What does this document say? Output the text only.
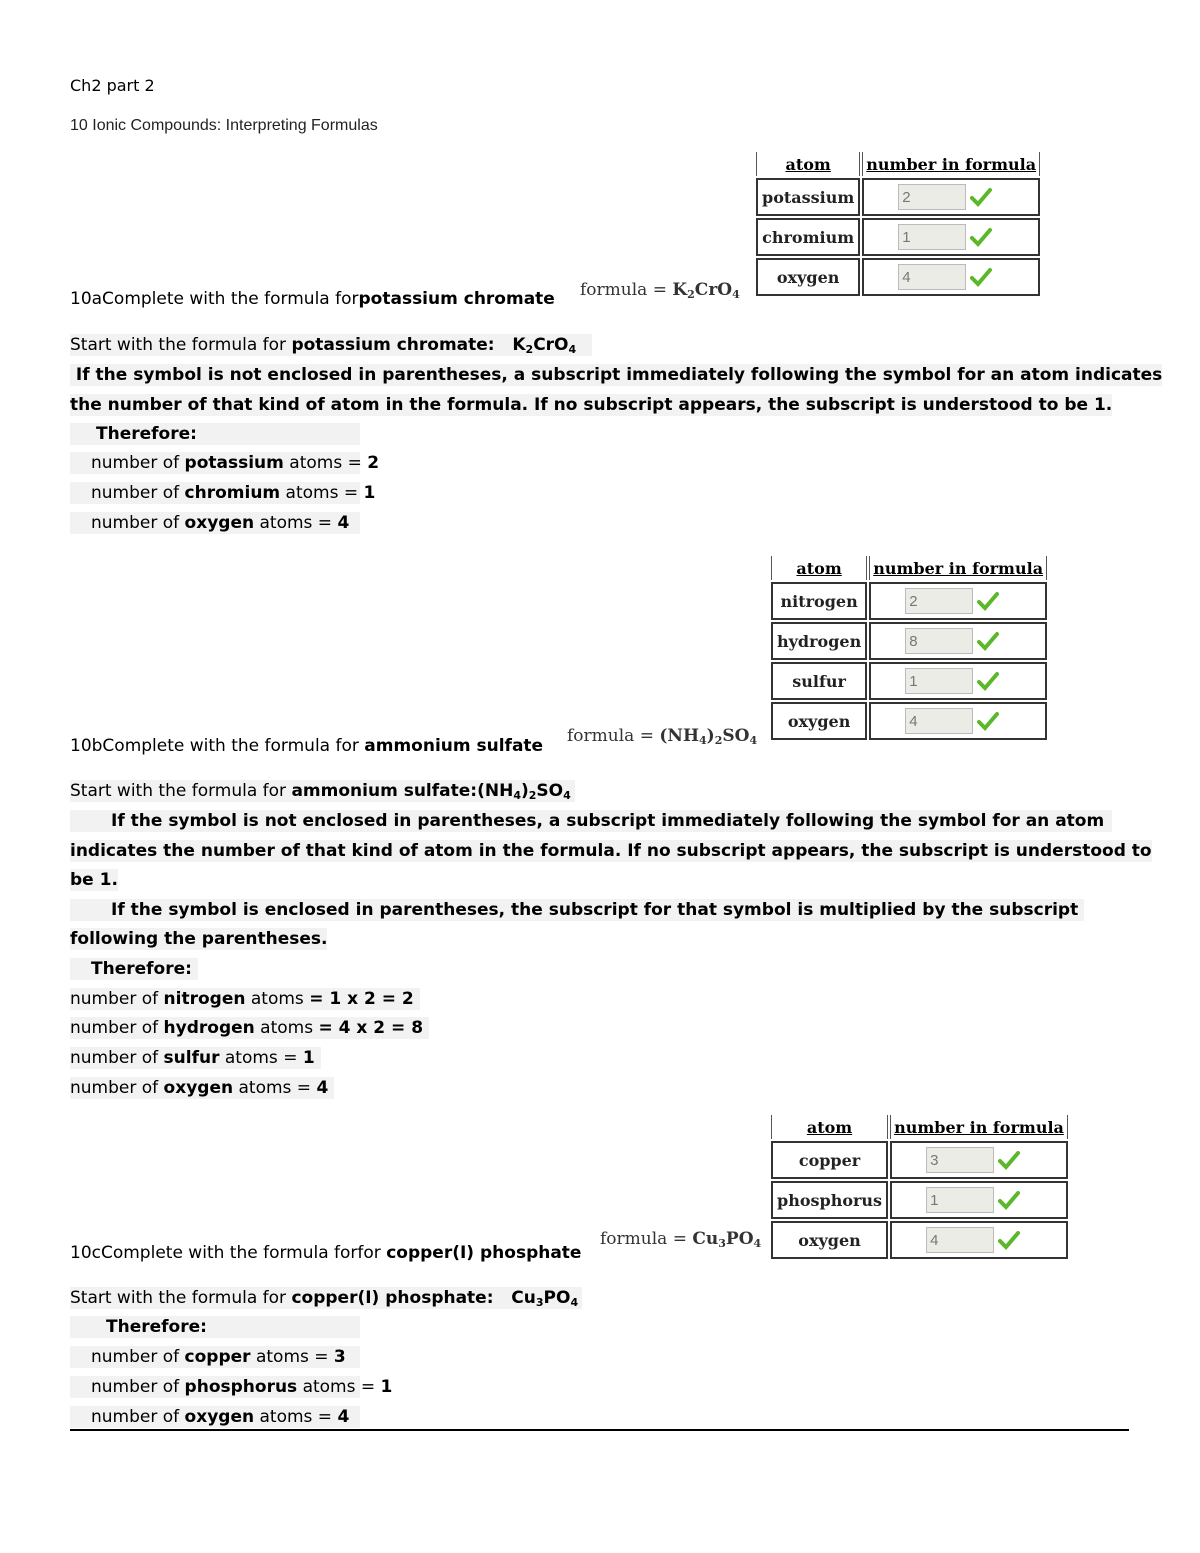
Ch2 part 2
10 Ionic Compounds: Interpreting Formulas
atom	number in formula
potassium	2

chromium	1

oxygen	4
10aComplete with the formula forpotassium chromate formula = $K_2CrO_4$
Start with the formula for potassium chromate:   $K_2CrO_4$
If the symbol is not enclosed in parentheses, a subscript immediately following the symbol for an atom indicates
the number of that kind of atom in the formula. If no subscript appears, the subscript is understood to be 1.
Therefore:
number of potassium atoms = 2
number of chromium atoms = 1
number of oxygen atoms = 4
atom	number in formula
nitrogen	2

hydrogen	8

sulfur	1

oxygen	4
10bComplete with the formula for ammonium sulfate formula = $(NH_4)_2SO_4$
Start with the formula for ammonium $sulfate:(NH_4)_2SO_4$
If the symbol is not enclosed in parentheses, a subscript immediately following the symbol for an atom
indicates the number of that kind of atom in the formula. If no subscript appears, the subscript is understood to
be 1.
If the symbol is enclosed in parentheses, the subscript for that symbol is multiplied by the subscript
following the parentheses.
Therefore:
number of nitrogen atoms = 1 x 2 = 2
number of hydrogen atoms = 4 x 2 = 8
number of sulfur atoms = 1
number of oxygen atoms = 4
atom	number in formula
copper	3

phosphorus	1

oxygen	4
10cComplete with the formula forfor copper(I) phosphate
formula = $Cu_3PO_4$
Start with the formula for copper(I) phosphate:   $Cu_3PO_4$
Therefore:
number of copper atoms = 3
number of phosphorus atoms = 1
number of oxygen atoms = 4
